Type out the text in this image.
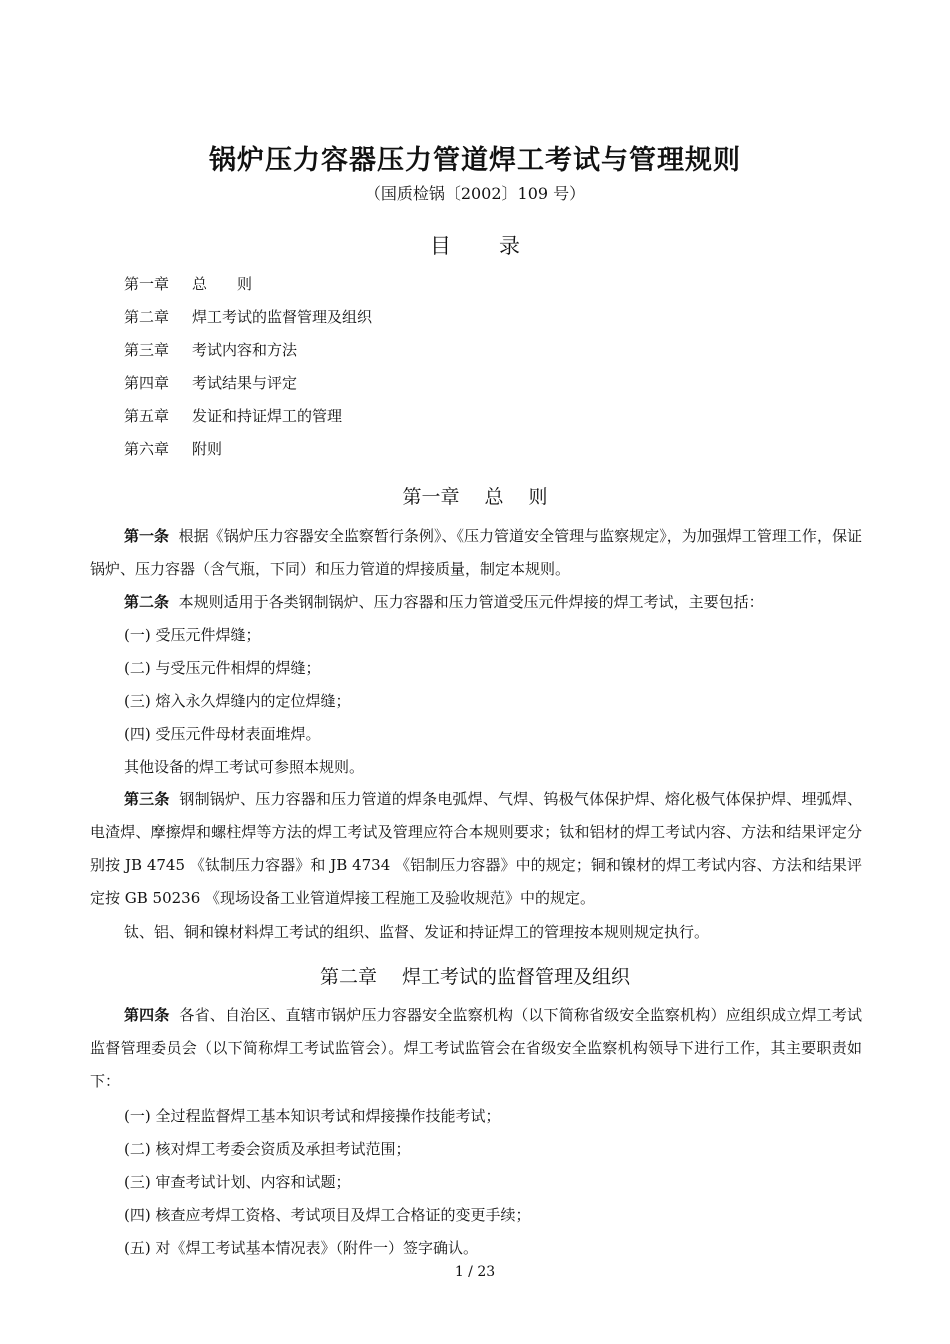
锅炉压力容器压力管道焊工考试与管理规则
（国质检锅〔2002〕109 号）
目 录
第一章 总　　则
第二章 焊工考试的监督管理及组织
第三章 考试内容和方法
第四章 考试结果与评定
第五章 发证和持证焊工的管理
第六章 附则
第一章　 总　 则
第一条 根据《锅炉压力容器安全监察暂行条例》、《压力管道安全管理与监察规定》，为加强焊工管理工作，保证锅炉、压力容器（含气瓶，下同）和压力管道的焊接质量，制定本规则。
第二条 本规则适用于各类钢制锅炉、压力容器和压力管道受压元件焊接的焊工考试，主要包括：
(一) 受压元件焊缝；
(二) 与受压元件相焊的焊缝；
(三) 熔入永久焊缝内的定位焊缝；
(四) 受压元件母材表面堆焊。
其他设备的焊工考试可参照本规则。
第三条 钢制锅炉、压力容器和压力管道的焊条电弧焊、气焊、钨极气体保护焊、熔化极气体保护焊、埋弧焊、电渣焊、摩擦焊和螺柱焊等方法的焊工考试及管理应符合本规则要求；钛和铝材的焊工考试内容、方法和结果评定分别按 JB 4745 《钛制压力容器》和 JB 4734 《铝制压力容器》中的规定；铜和镍材的焊工考试内容、方法和结果评定按 GB 50236 《现场设备工业管道焊接工程施工及验收规范》中的规定。
钛、铝、铜和镍材料焊工考试的组织、监督、发证和持证焊工的管理按本规则规定执行。
第二章　 焊工考试的监督管理及组织
第四条 各省、自治区、直辖市锅炉压力容器安全监察机构（以下简称省级安全监察机构）应组织成立焊工考试监督管理委员会（以下简称焊工考试监管会）。焊工考试监管会在省级安全监察机构领导下进行工作，其主要职责如下：
(一) 全过程监督焊工基本知识考试和焊接操作技能考试；
(二) 核对焊工考委会资质及承担考试范围；
(三) 审查考试计划、内容和试题；
(四) 核查应考焊工资格、考试项目及焊工合格证的变更手续；
(五) 对《焊工考试基本情况表》（附件一）签字确认。
1 / 23
